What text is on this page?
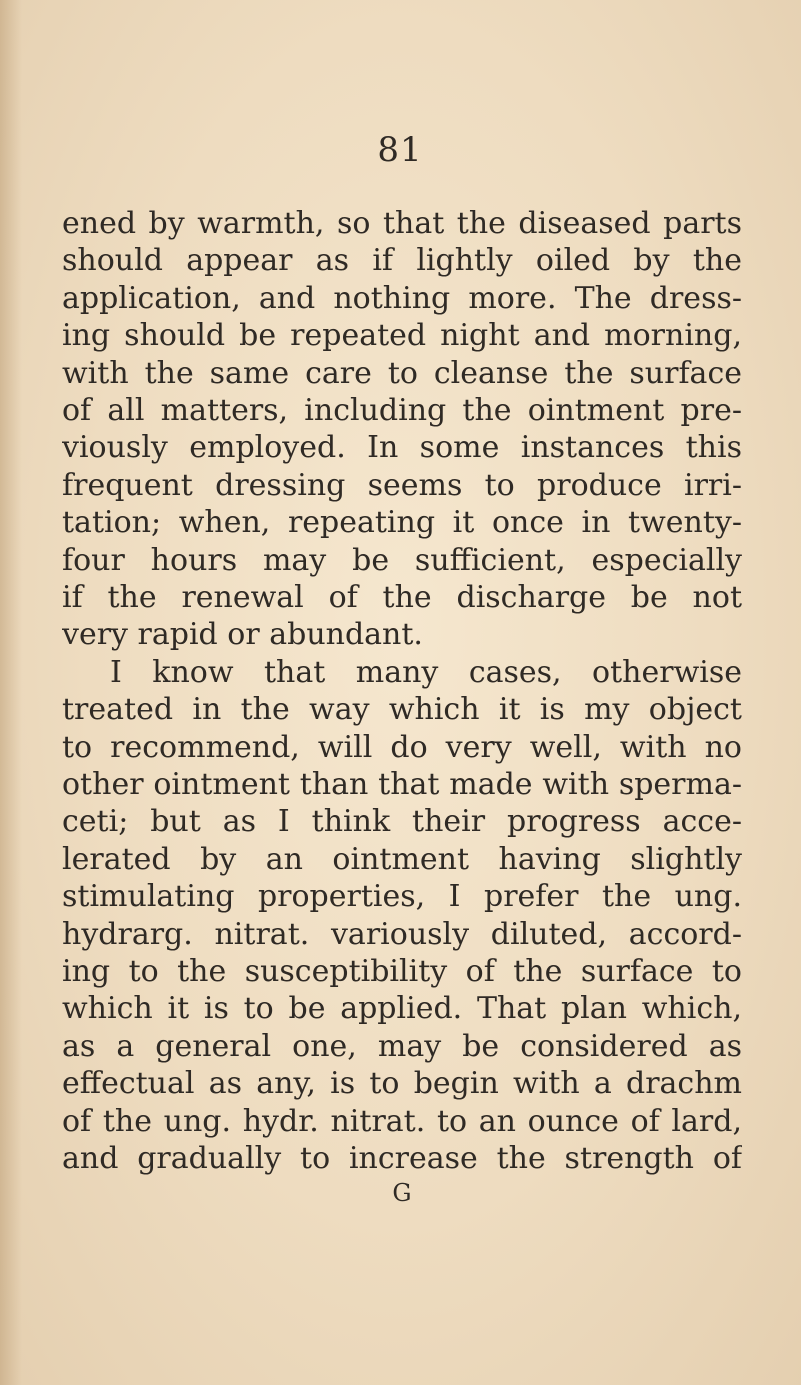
81
ened by warmth, so that the diseased parts
should appear as if lightly oiled by the
application, and nothing more. The dress-
ing should be repeated night and morning,
with the same care to cleanse the surface
of all matters, including the ointment pre-
viously employed. In some instances this
frequent dressing seems to produce irri-
tation; when, repeating it once in twenty-
four hours may be sufficient, especially
if the renewal of the discharge be not
very rapid or abundant.
I know that many cases, otherwise
treated in the way which it is my object
to recommend, will do very well, with no
other ointment than that made with sperma-
ceti; but as I think their progress acce-
lerated by an ointment having slightly
stimulating properties, I prefer the ung.
hydrarg. nitrat. variously diluted, accord-
ing to the susceptibility of the surface to
which it is to be applied. That plan which,
as a general one, may be considered as
effectual as any, is to begin with a drachm
of the ung. hydr. nitrat. to an ounce of lard,
and gradually to increase the strength of
G
